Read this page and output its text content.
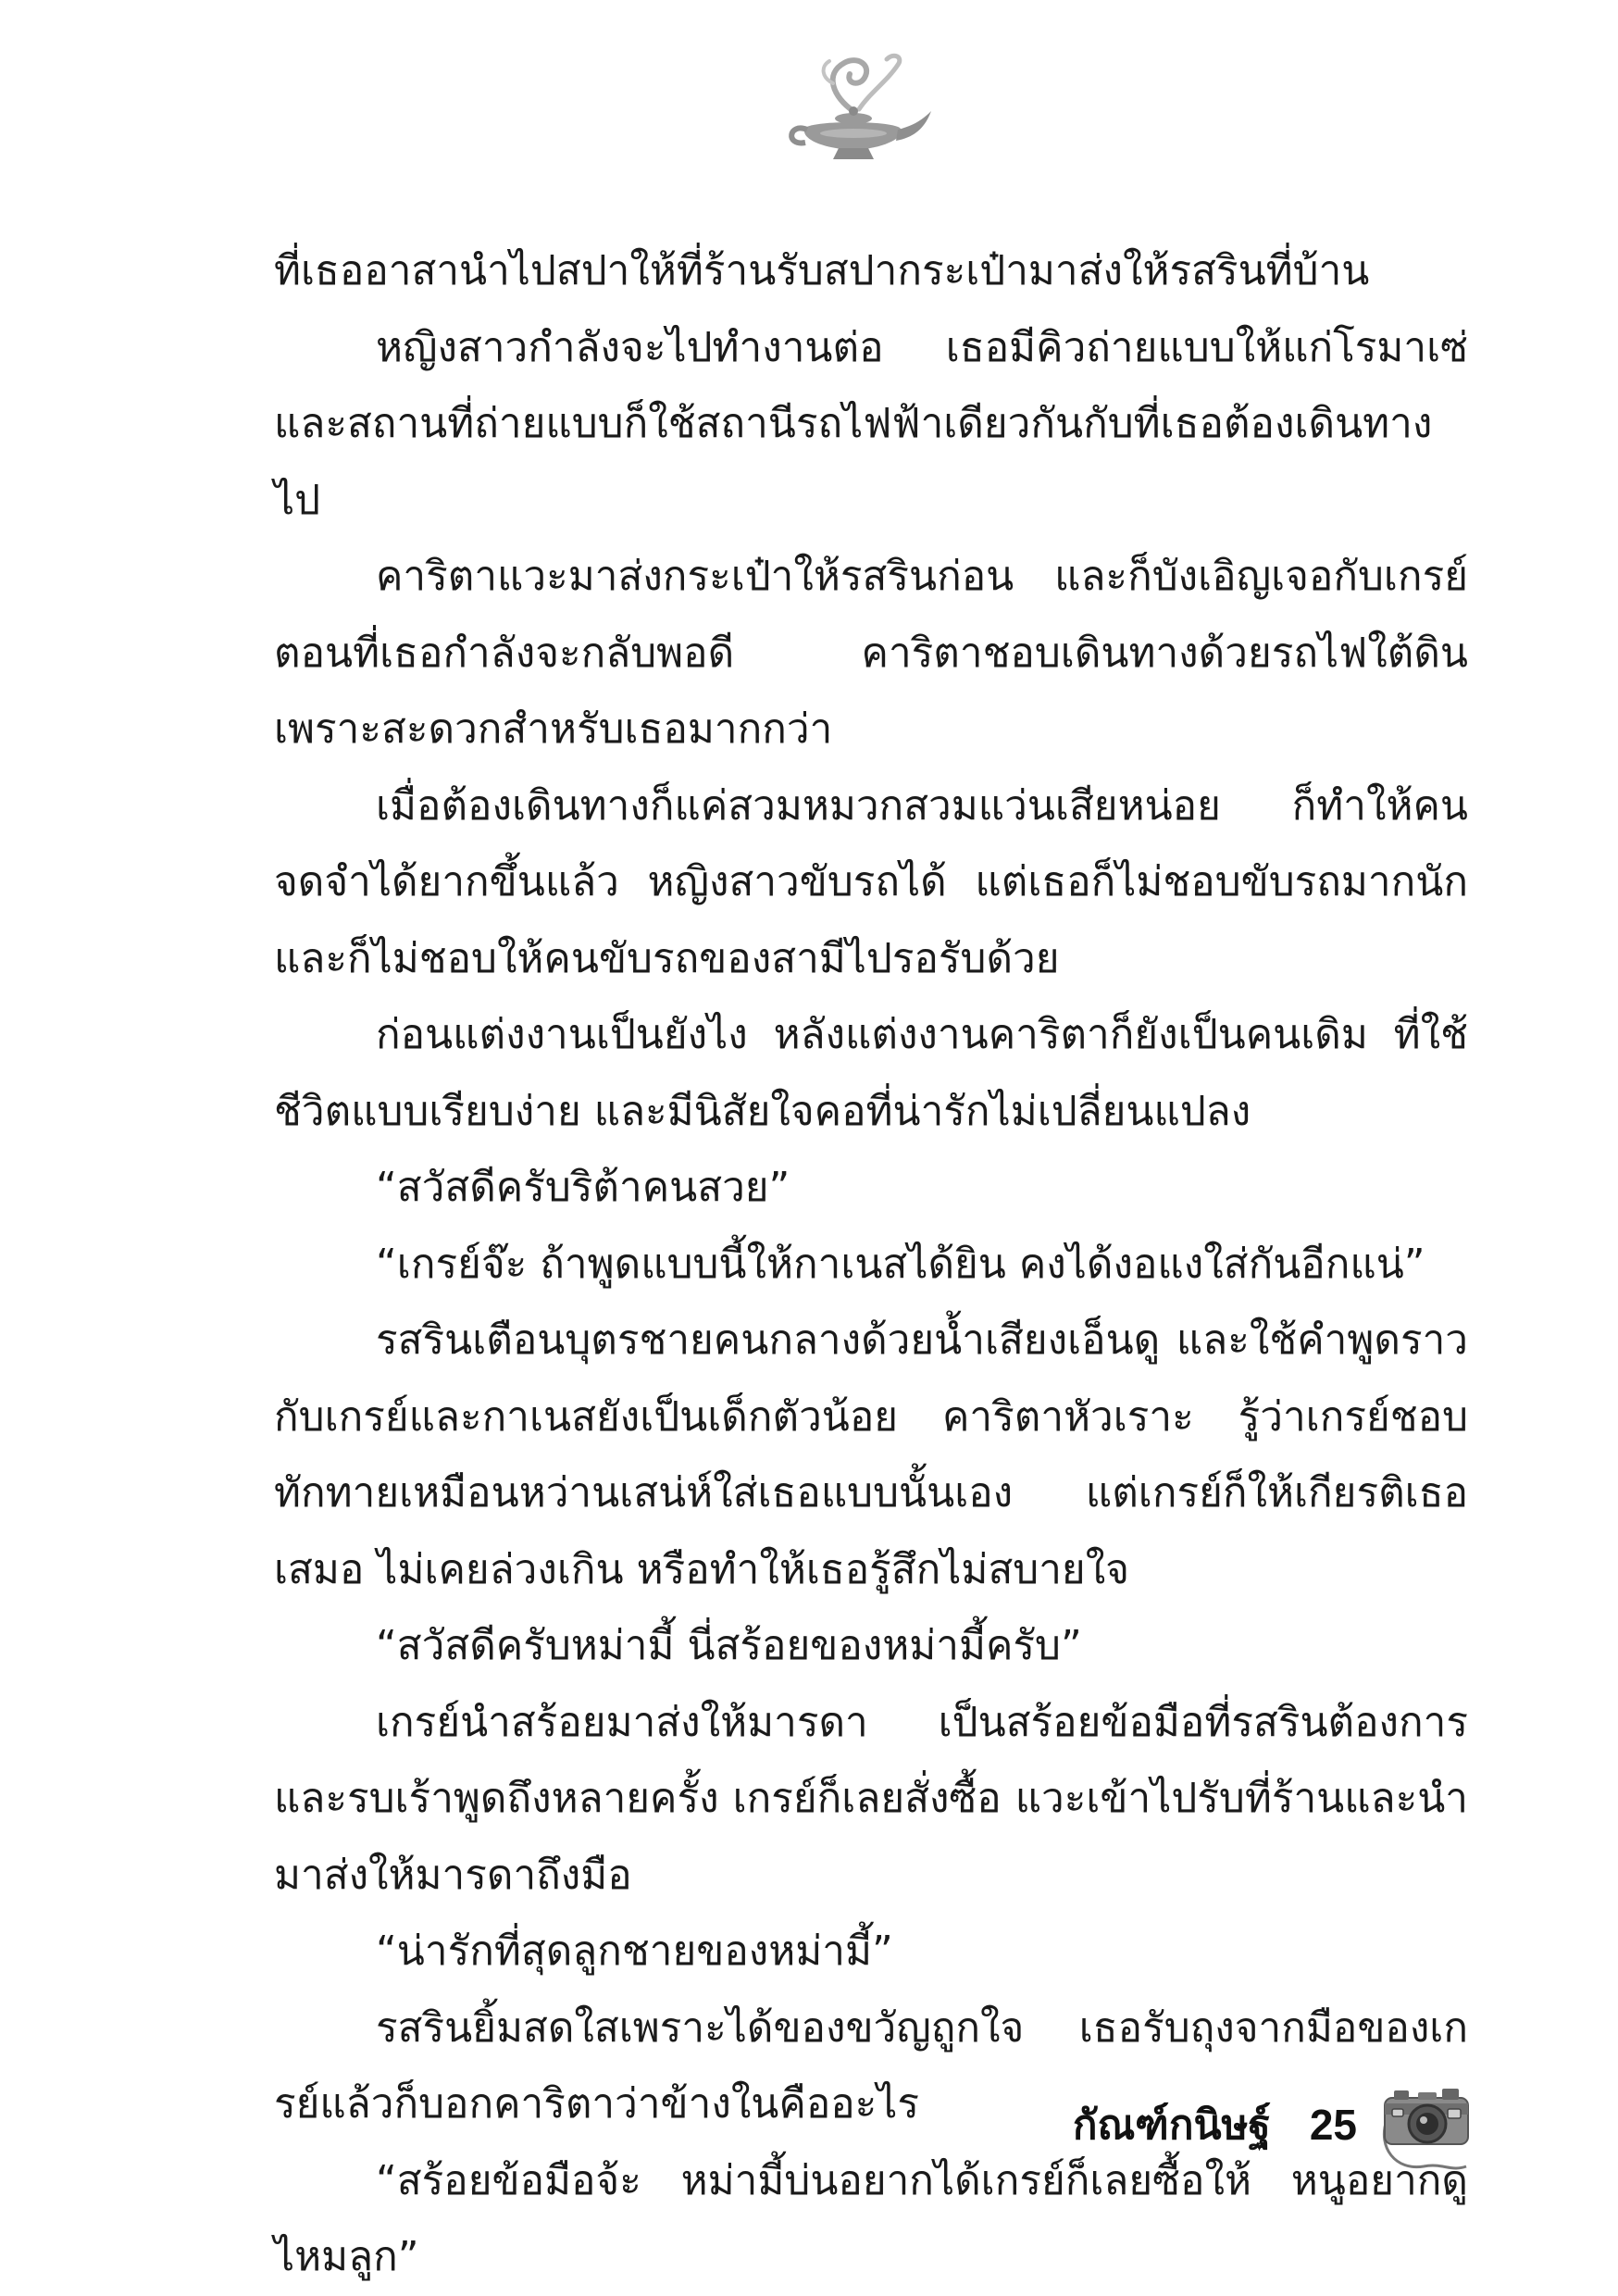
ที่เธออาสานำไปสปาให้ที่ร้านรับสปากระเป๋ามาส่งให้รสรินที่บ้าน

หญิงสาวกำลังจะไปทำงานต่อ เธอมีคิวถ่ายแบบให้แก่โรมาเซ่ และสถานที่ถ่ายแบบก็ใช้สถานีรถไฟฟ้าเดียวกันกับที่เธอต้องเดินทางไป

คาริตาแวะมาส่งกระเป๋าให้รสรินก่อน และก็บังเอิญเจอกับเกรย์ ตอนที่เธอกำลังจะกลับพอดี คาริตาชอบเดินทางด้วยรถไฟใต้ดิน เพราะสะดวกสำหรับเธอมากกว่า

เมื่อต้องเดินทางก็แค่สวมหมวกสวมแว่นเสียหน่อย ก็ทำให้คนจดจำได้ยากขึ้นแล้ว หญิงสาวขับรถได้ แต่เธอก็ไม่ชอบขับรถมากนัก และก็ไม่ชอบให้คนขับรถของสามีไปรอรับด้วย

ก่อนแต่งงานเป็นยังไง หลังแต่งงานคาริตาก็ยังเป็นคนเดิม ที่ใช้ชีวิตแบบเรียบง่าย และมีนิสัยใจคอที่น่ารักไม่เปลี่ยนแปลง

“สวัสดีครับริต้าคนสวย”

“เกรย์จ๊ะ ถ้าพูดแบบนี้ให้กาเนสได้ยิน คงได้งอแงใส่กันอีกแน่”

รสรินเตือนบุตรชายคนกลางด้วยน้ำเสียงเอ็นดู และใช้คำพูดราวกับเกรย์และกาเนสยังเป็นเด็กตัวน้อย คาริตาหัวเราะ รู้ว่าเกรย์ชอบทักทายเหมือนหว่านเสน่ห์ใส่เธอแบบนั้นเอง แต่เกรย์ก็ให้เกียรติเธอเสมอ ไม่เคยล่วงเกิน หรือทำให้เธอรู้สึกไม่สบายใจ

“สวัสดีครับหม่ามี้ นี่สร้อยของหม่ามี้ครับ”

เกรย์นำสร้อยมาส่งให้มารดา เป็นสร้อยข้อมือที่รสรินต้องการและรบเร้าพูดถึงหลายครั้ง เกรย์ก็เลยสั่งซื้อ แวะเข้าไปรับที่ร้านและนำมาส่งให้มารดาถึงมือ

“น่ารักที่สุดลูกชายของหม่ามี้”

รสรินยิ้มสดใสเพราะได้ของขวัญถูกใจ เธอรับถุงจากมือของเกรย์แล้วก็บอกคาริตาว่าข้างในคืออะไร

“สร้อยข้อมือจ้ะ หม่ามี้บ่นอยากได้เกรย์ก็เลยซื้อให้ หนูอยากดูไหมลูก”

กัณฑ์กนิษฐ์ 25
